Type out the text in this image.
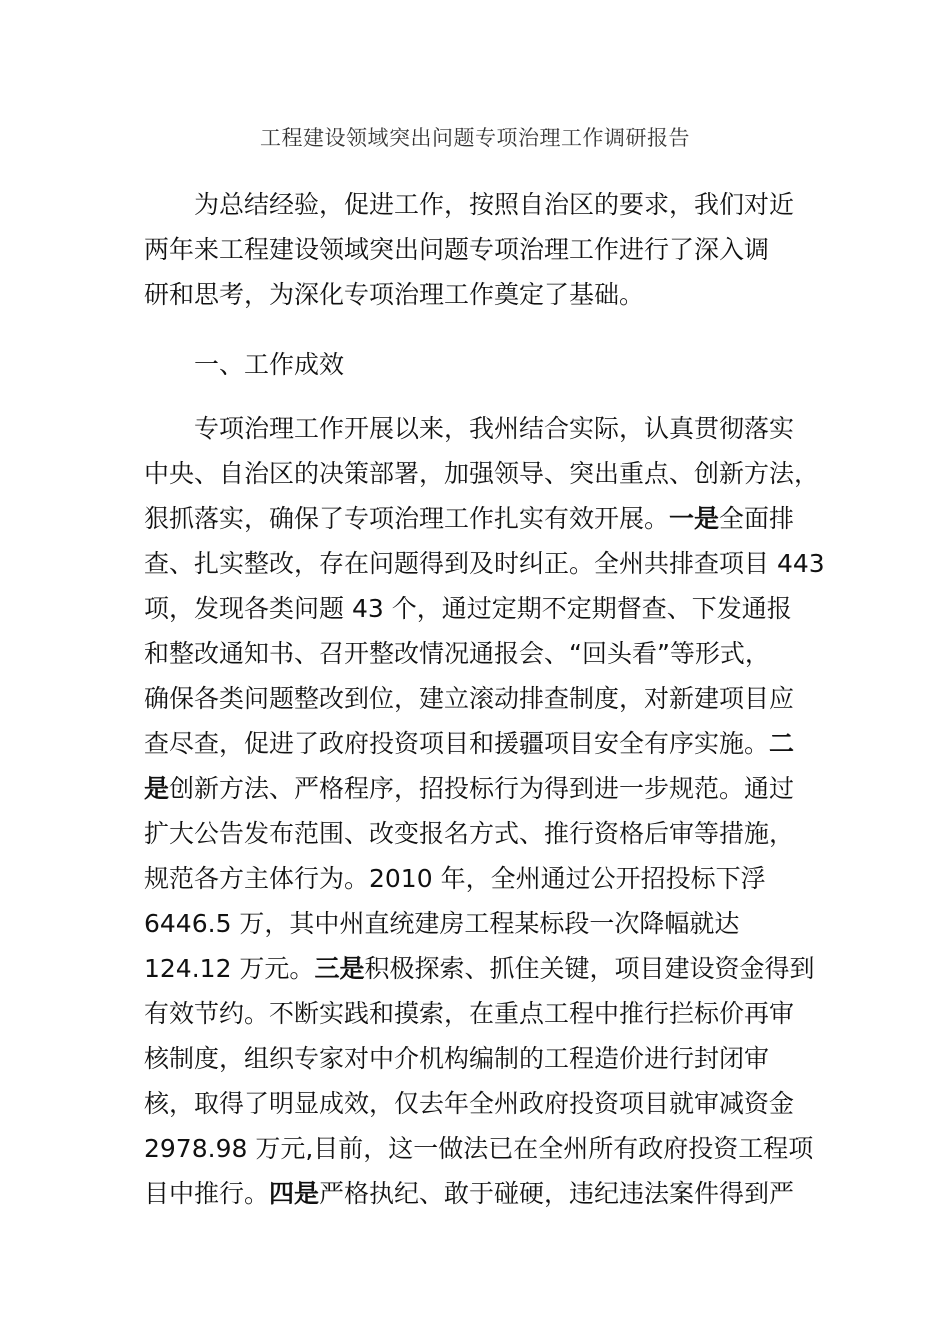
工程建设领域突出问题专项治理工作调研报告
为总结经验，促进工作，按照自治区的要求，我们对近
两年来工程建设领域突出问题专项治理工作进行了深入调
研和思考，为深化专项治理工作奠定了基础。
一、工作成效
专项治理工作开展以来，我州结合实际，认真贯彻落实
中央、自治区的决策部署，加强领导、突出重点、创新方法，
狠抓落实，确保了专项治理工作扎实有效开展。一是全面排
查、扎实整改，存在问题得到及时纠正。全州共排查项目 443
项，发现各类问题 43 个，通过定期不定期督查、下发通报
和整改通知书、召开整改情况通报会、“回头看”等形式，
确保各类问题整改到位，建立滚动排查制度，对新建项目应
查尽查，促进了政府投资项目和援疆项目安全有序实施。二
是创新方法、严格程序，招投标行为得到进一步规范。通过
扩大公告发布范围、改变报名方式、推行资格后审等措施，
规范各方主体行为。2010 年，全州通过公开招投标下浮
6446.5 万，其中州直统建房工程某标段一次降幅就达
124.12 万元。三是积极探索、抓住关键，项目建设资金得到
有效节约。不断实践和摸索，在重点工程中推行拦标价再审
核制度，组织专家对中介机构编制的工程造价进行封闭审
核，取得了明显成效，仅去年全州政府投资项目就审减资金
2978.98 万元,目前，这一做法已在全州所有政府投资工程项
目中推行。四是严格执纪、敢于碰硬，违纪违法案件得到严
